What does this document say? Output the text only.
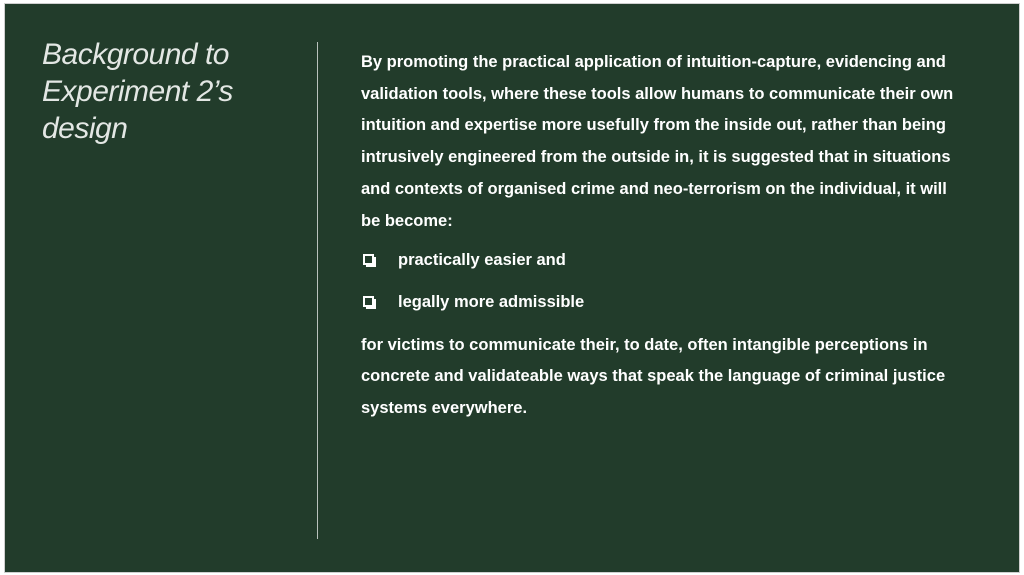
Background to Experiment 2’s design

By promoting the practical application of intuition-capture, evidencing and validation tools, where these tools allow humans to communicate their own intuition and expertise more usefully from the inside out, rather than being intrusively engineered from the outside in, it is suggested that in situations and contexts of organised crime and neo-terrorism on the individual, it will be become:

practically easier and
legally more admissible

for victims to communicate their, to date, often intangible perceptions in concrete and validateable ways that speak the language of criminal justice systems everywhere.
